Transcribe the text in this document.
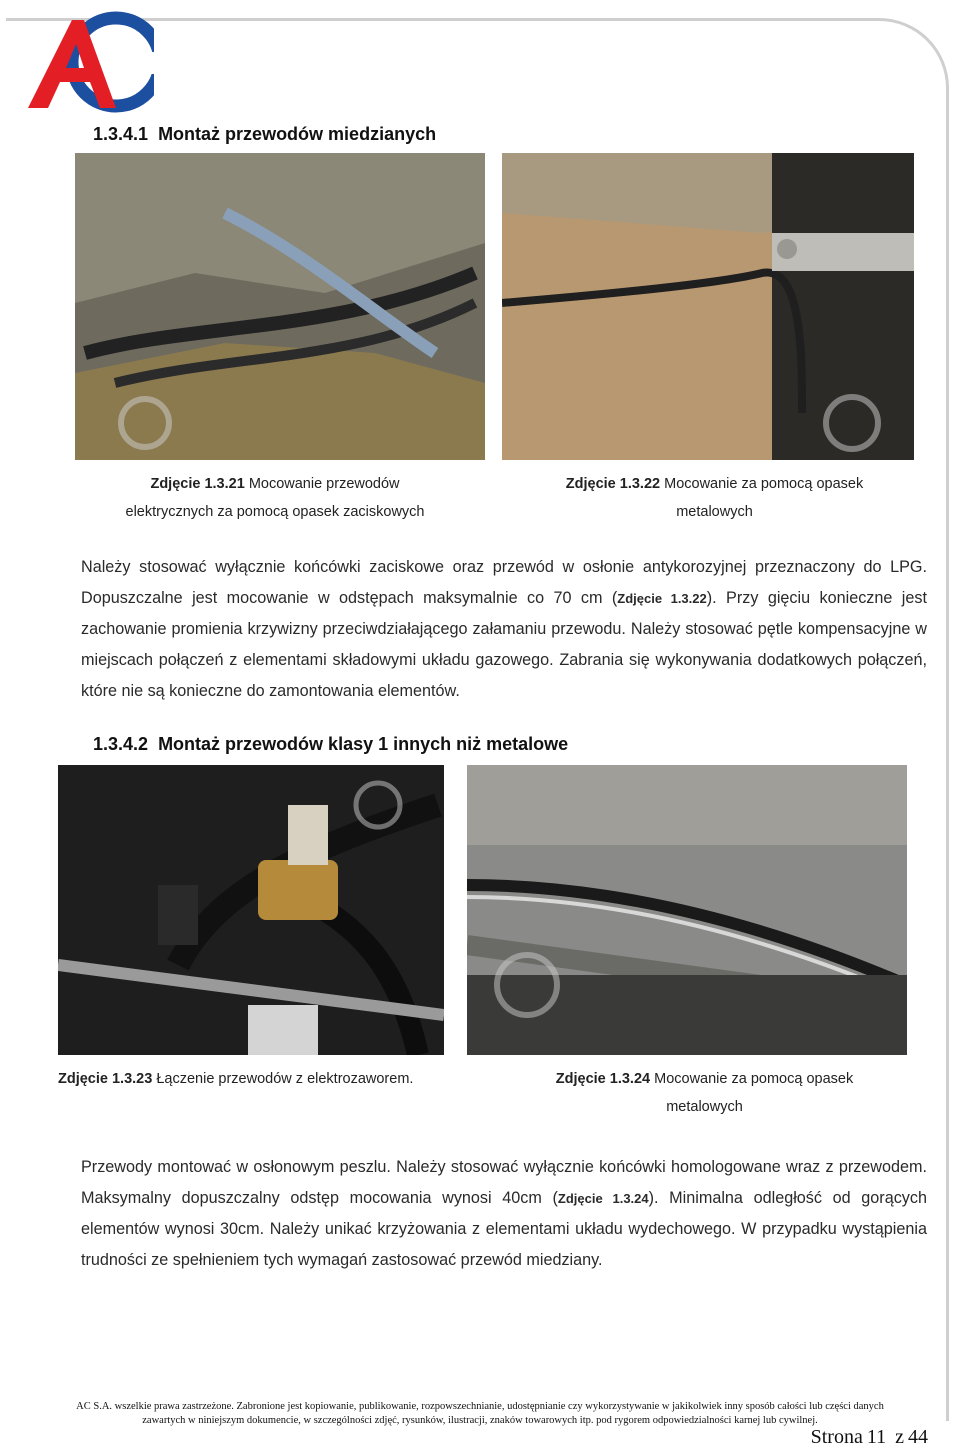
1.3.4.1 Montaż przewodów miedzianych
Zdjęcie 1.3.21 Mocowanie przewodów
elektrycznych za pomocą opasek zaciskowych
Zdjęcie 1.3.22 Mocowanie za pomocą opasek
metalowych

Należy stosować wyłącznie końcówki zaciskowe oraz przewód w osłonie antykorozyjnej przeznaczony do LPG. Dopuszczalne jest mocowanie w odstępach maksymalnie co 70 cm (Zdjęcie 1.3.22). Przy gięciu konieczne jest zachowanie promienia krzywizny przeciwdziałającego załamaniu przewodu. Należy stosować pętle kompensacyjne w miejscach połączeń z elementami składowymi układu gazowego. Zabrania się wykonywania dodatkowych połączeń, które nie są konieczne do zamontowania elementów.

1.3.4.2 Montaż przewodów klasy 1 innych niż metalowe
Zdjęcie 1.3.23 Łączenie przewodów z elektrozaworem.	Zdjęcie 1.3.24 Mocowanie za pomocą opasek
metalowych

Przewody montować w osłonowym peszlu. Należy stosować wyłącznie końcówki homologowane wraz z przewodem. Maksymalny dopuszczalny odstęp mocowania wynosi 40cm (Zdjęcie 1.3.24). Minimalna odległość od gorących elementów wynosi 30cm. Należy unikać krzyżowania z elementami układu wydechowego. W przypadku wystąpienia trudności ze spełnieniem tych wymagań zastosować przewód miedziany.

AC S.A. wszelkie prawa zastrzeżone. Zabronione jest kopiowanie, publikowanie, rozpowszechnianie, udostępnianie czy wykorzystywanie w jakikolwiek inny sposób całości lub części danych
zawartych w niniejszym dokumencie, w szczególności zdjęć, rysunków, ilustracji, znaków towarowych itp. pod rygorem odpowiedzialności karnej lub cywilnej.
Strona 11 z 44
